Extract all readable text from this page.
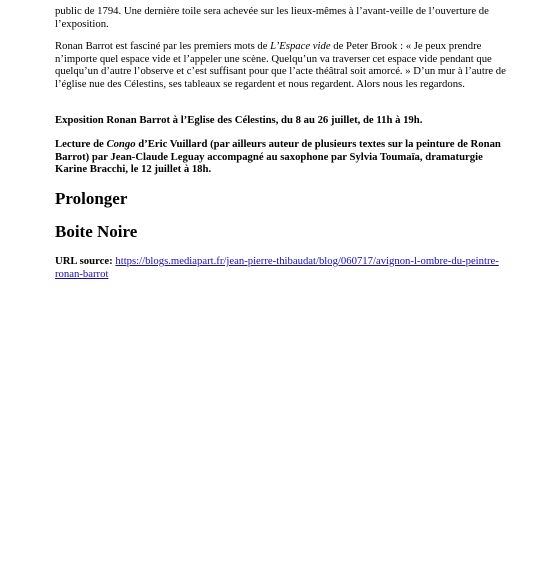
public de 1794. Une dernière toile sera achevée sur les lieux-mêmes à l’avant-veille de l’ouverture de l’exposition.

Ronan Barrot est fasciné par les premiers mots de L’Espace vide de Peter Brook : « Je peux prendre n’importe quel espace vide et l’appeler une scène. Quelqu’un va traverser cet espace vide pendant que quelqu’un d’autre l’observe et c’est suffisant pour que l’acte théâtral soit amorcé. » D’un mur à l’autre de l’église nue des Célestins, ses tableaux se regardent et nous regardent. Alors nous les regardons.

Exposition Ronan Barrot à l’Eglise des Célestins, du 8 au 26 juillet, de 11h à 19h.

Lecture de Congo d’Eric Vuillard (par ailleurs auteur de plusieurs textes sur la peinture de Ronan Barrot) par Jean-Claude Leguay accompagné au saxophone par Sylvia Toumaïa, dramaturgie Karine Bracchi, le 12 juillet à 18h.

Prolonger
Boite Noire

URL source: https://blogs.mediapart.fr/jean-pierre-thibaudat/blog/060717/avignon-l-ombre-du-peintre-ronan-barrot
